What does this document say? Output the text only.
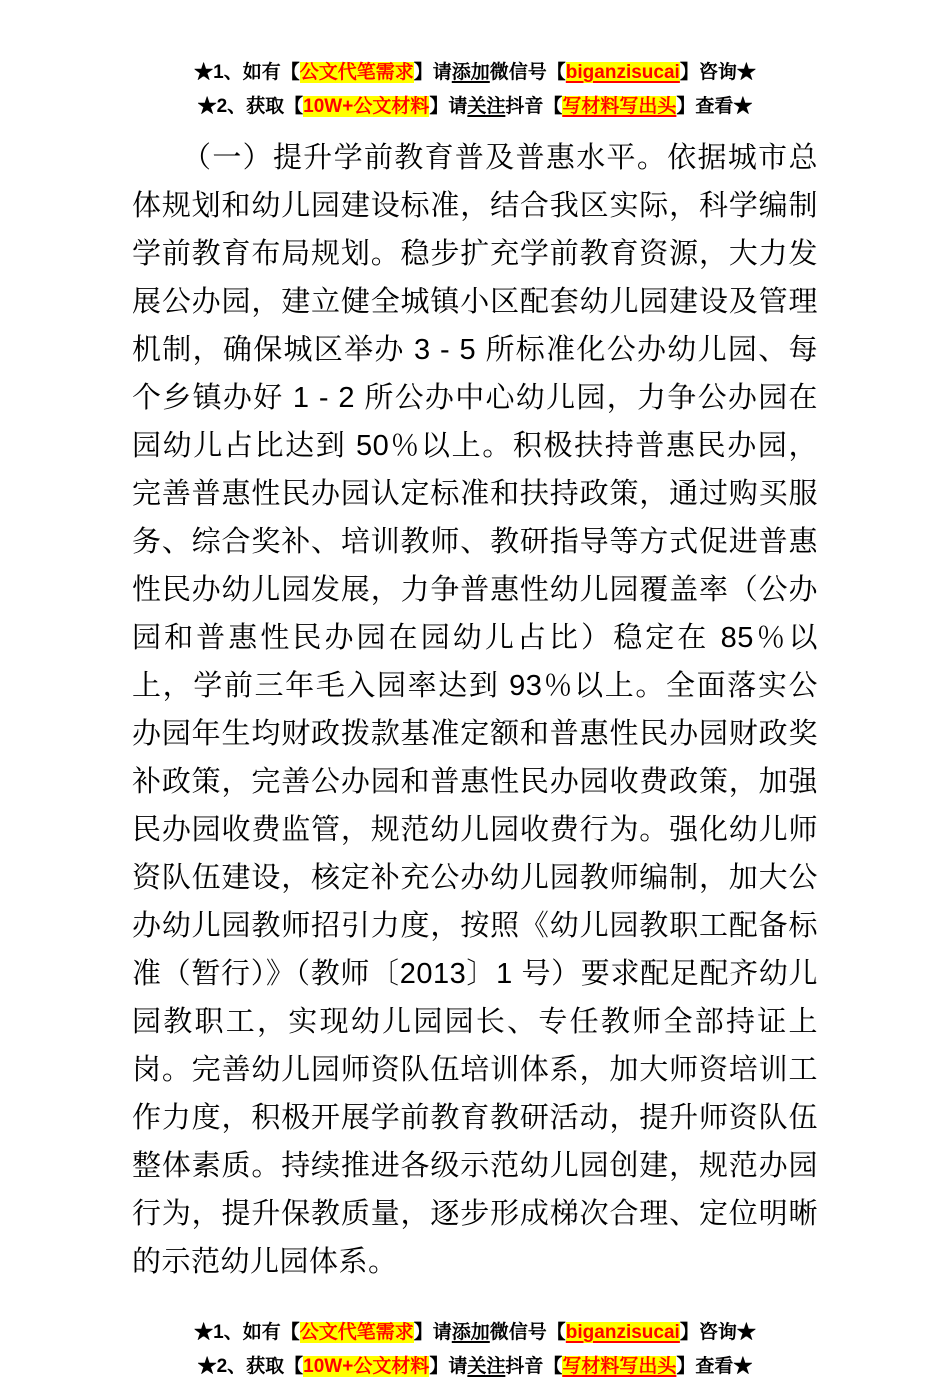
★1、如有【公文代笔需求】请添加微信号【biganzisucai】咨询★
★2、获取【10W+公文材料】请关注抖音【写材料写出头】查看★
（一）提升学前教育普及普惠水平。依据城市总体规划和幼儿园建设标准，结合我区实际，科学编制学前教育布局规划。稳步扩充学前教育资源，大力发展公办园，建立健全城镇小区配套幼儿园建设及管理机制，确保城区举办 3 - 5 所标准化公办幼儿园、每个乡镇办好 1 - 2 所公办中心幼儿园，力争公办园在园幼儿占比达到 50％以上。积极扶持普惠民办园，完善普惠性民办园认定标准和扶持政策，通过购买服务、综合奖补、培训教师、教研指导等方式促进普惠性民办幼儿园发展，力争普惠性幼儿园覆盖率（公办园和普惠性民办园在园幼儿占比）稳定在 85％以上，学前三年毛入园率达到 93％以上。全面落实公办园年生均财政拨款基准定额和普惠性民办园财政奖补政策，完善公办园和普惠性民办园收费政策，加强民办园收费监管，规范幼儿园收费行为。强化幼儿师资队伍建设，核定补充公办幼儿园教师编制，加大公办幼儿园教师招引力度，按照《幼儿园教职工配备标准（暂行）》（教师〔2013〕1 号）要求配足配齐幼儿园教职工，实现幼儿园园长、专任教师全部持证上岗。完善幼儿园师资队伍培训体系，加大师资培训工作力度，积极开展学前教育教研活动，提升师资队伍整体素质。持续推进各级示范幼儿园创建，规范办园行为，提升保教质量，逐步形成梯次合理、定位明晰的示范幼儿园体系。
★1、如有【公文代笔需求】请添加微信号【biganzisucai】咨询★
★2、获取【10W+公文材料】请关注抖音【写材料写出头】查看★
